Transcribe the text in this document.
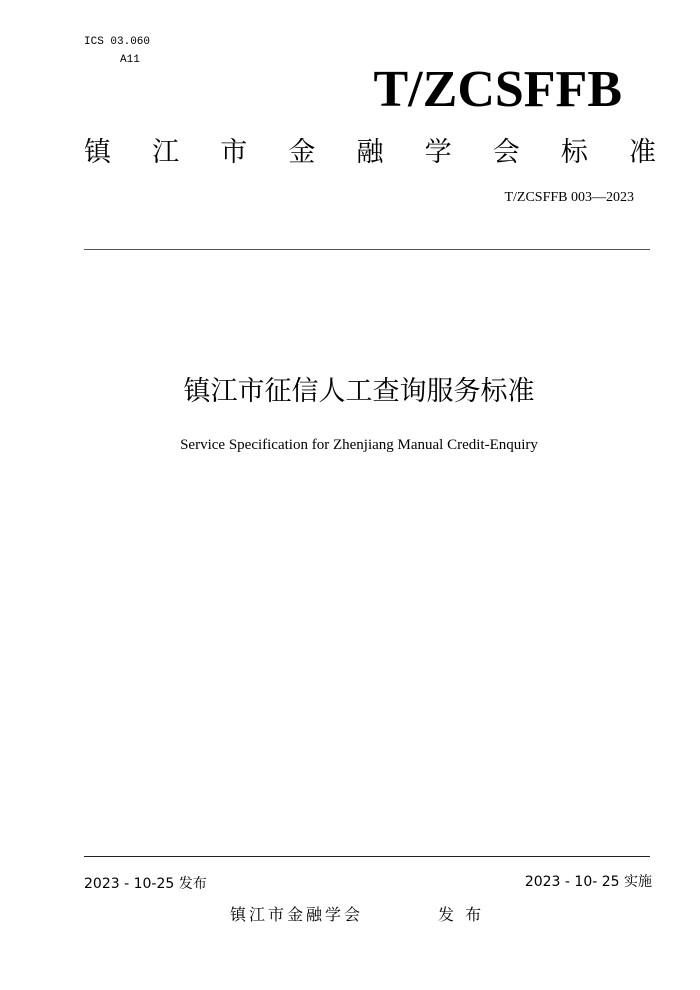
ICS 03.060
A11
T/ZCSFFB
镇 江 市 金 融 学 会 标 准
T/ZCSFFB 003—2023
镇江市征信人工查询服务标准
Service Specification for Zhenjiang Manual Credit-Enquiry
2023 - 10-25 发布	2023 - 10- 25 实施
镇江市金融学会	发 布
